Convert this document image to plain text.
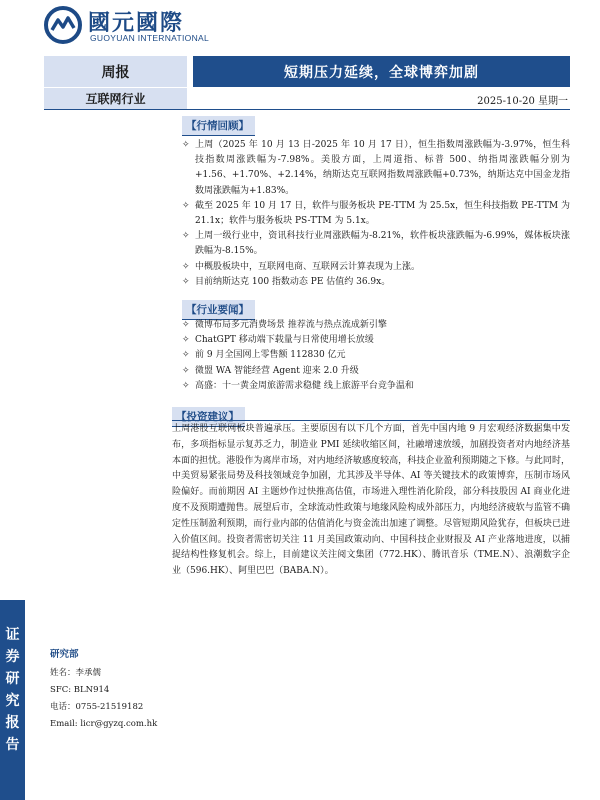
國元國際
GUOYUAN INTERNATIONAL
周报	短期压力延续，全球博弈加剧
互联网行业	2025-10-20 星期一
【行情回顾】
✧ 上周（2025 年 10 月 13 日-2025 年 10 月 17 日），恒生指数周涨跌幅为-3.97%，恒生科技指数周涨跌幅为-7.98%。美股方面，上周道指、标普 500、纳指周涨跌幅分别为+1.56、+1.70%、+2.14%，纳斯达克互联网指数周涨跌幅+0.73%，纳斯达克中国金龙指数周涨跌幅为+1.83%。
✧ 截至 2025 年 10 月 17 日，软件与服务板块 PE-TTM 为 25.5x，恒生科技指数 PE-TTM 为 21.1x；软件与服务板块 PS-TTM 为 5.1x。
✧ 上周一级行业中，资讯科技行业周涨跌幅为-8.21%，软件板块涨跌幅为-6.99%，媒体板块涨跌幅为-8.15%。
✧ 中概股板块中，互联网电商、互联网云计算表现为上涨。
✧ 目前纳斯达克 100 指数动态 PE 估值约 36.9x。
【行业要闻】
✧ 微博布局多元消费场景 推荐流与热点流成新引擎
✧ ChatGPT 移动端下载量与日常使用增长放缓
✧ 前 9 月全国网上零售额 112830 亿元
✧ 微盟 WA 智能经营 Agent 迎来 2.0 升级
✧ 高盛：十一黄金周旅游需求稳健 线上旅游平台竞争温和
【投资建议】
上周港股互联网板块普遍承压。主要原因有以下几个方面，首先中国内地 9 月宏观经济数据集中发布，多项指标显示复苏乏力，制造业 PMI 延续收缩区间，社融增速放缓，加剧投资者对内地经济基本面的担忧。港股作为离岸市场，对内地经济敏感度较高，科技企业盈利预期随之下修。与此同时，中美贸易紧张局势及科技领域竞争加剧，尤其涉及半导体、AI 等关键技术的政策博弈，压制市场风险偏好。而前期因 AI 主题炒作过快推高估值，市场进入理性消化阶段，部分科技股因 AI 商业化进度不及预期遭抛售。展望后市，全球流动性政策与地缘风险构成外部压力，内地经济疲软与监管不确定性压制盈利预期，而行业内部的估值消化与资金流出加速了调整。尽管短期风险犹存，但板块已进入价值区间。投资者需密切关注 11 月美国政策动向、中国科技企业财报及 AI 产业落地进度，以捕捉结构性修复机会。综上，目前建议关注阅文集团（772.HK）、腾讯音乐（TME.N）、浪潮数字企业（596.HK）、阿里巴巴（BABA.N）。
研究部
姓名：李承儒
SFC: BLN914
电话：0755-21519182
Email: licr@gyzq.com.hk
证
券
研
究
报
告
